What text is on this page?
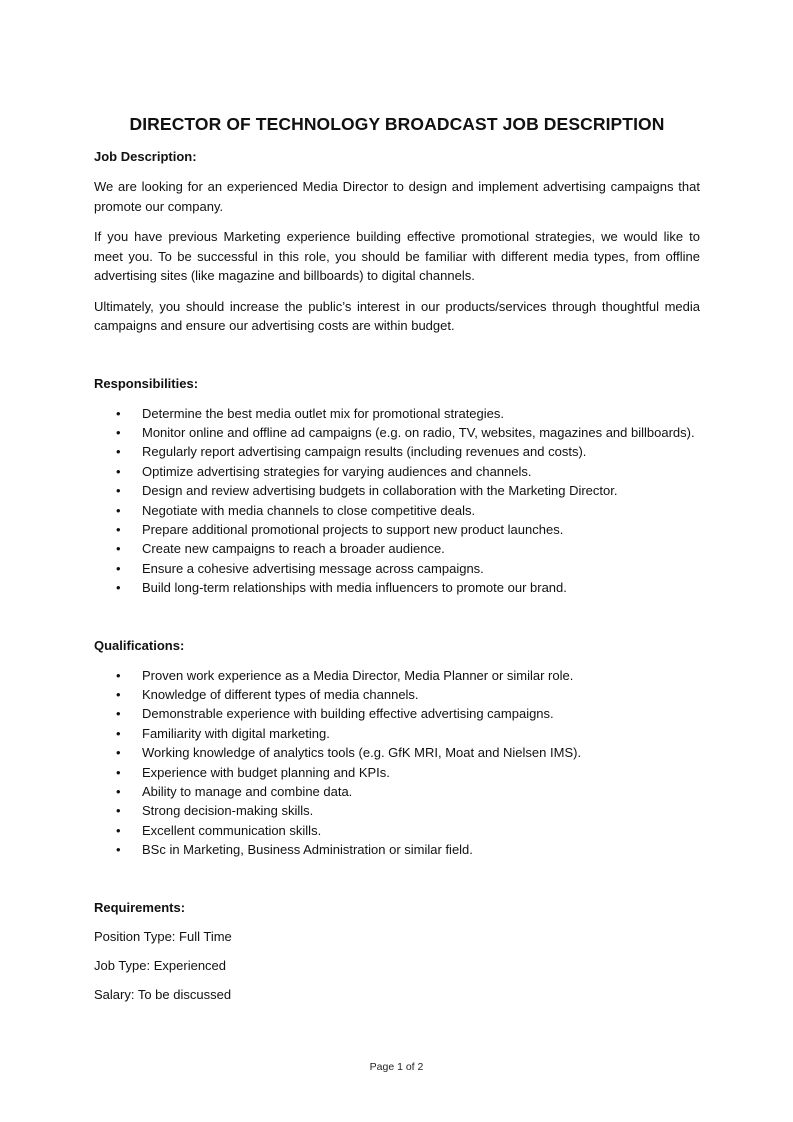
DIRECTOR OF TECHNOLOGY BROADCAST JOB DESCRIPTION

Job Description:

We are looking for an experienced Media Director to design and implement advertising campaigns that promote our company.

If you have previous Marketing experience building effective promotional strategies, we would like to meet you. To be successful in this role, you should be familiar with different media types, from offline advertising sites (like magazine and billboards) to digital channels.

Ultimately, you should increase the public’s interest in our products/services through thoughtful media campaigns and ensure our advertising costs are within budget.

Responsibilities:

• Determine the best media outlet mix for promotional strategies.
• Monitor online and offline ad campaigns (e.g. on radio, TV, websites, magazines and billboards).
• Regularly report advertising campaign results (including revenues and costs).
• Optimize advertising strategies for varying audiences and channels.
• Design and review advertising budgets in collaboration with the Marketing Director.
• Negotiate with media channels to close competitive deals.
• Prepare additional promotional projects to support new product launches.
• Create new campaigns to reach a broader audience.
• Ensure a cohesive advertising message across campaigns.
• Build long-term relationships with media influencers to promote our brand.

Qualifications:

• Proven work experience as a Media Director, Media Planner or similar role.
• Knowledge of different types of media channels.
• Demonstrable experience with building effective advertising campaigns.
• Familiarity with digital marketing.
• Working knowledge of analytics tools (e.g. GfK MRI, Moat and Nielsen IMS).
• Experience with budget planning and KPIs.
• Ability to manage and combine data.
• Strong decision-making skills.
• Excellent communication skills.
• BSc in Marketing, Business Administration or similar field.

Requirements:

Position Type: Full Time

Job Type: Experienced

Salary: To be discussed

Page 1 of 2
